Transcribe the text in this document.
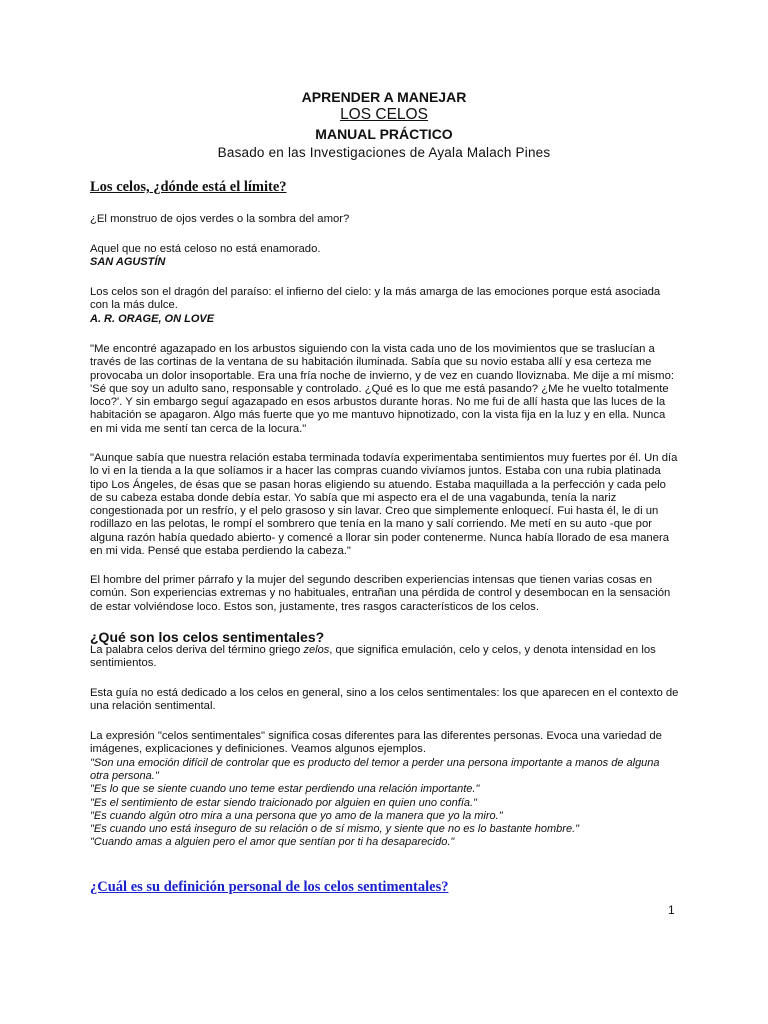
APRENDER A MANEJAR
LOS CELOS
MANUAL PRÁCTICO
Basado en las Investigaciones de Ayala Malach Pines

Los celos, ¿dónde está el límite?

¿El monstruo de ojos verdes o la sombra del amor?

Aquel que no está celoso no está enamorado.

SAN AGUSTÍN

Los celos son el dragón del paraíso: el infierno del cielo: y la más amarga de las emociones porque está asociada con la más dulce.

A. R. ORAGE, ON LOVE

"Me encontré agazapado en los arbustos siguiendo con la vista cada uno de los movimientos que se traslucían a través de las cortinas de la ventana de su habitación iluminada. Sabía que su novio estaba allí y esa certeza me provocaba un dolor insoportable. Era una fría noche de invierno, y de vez en cuando lloviznaba. Me dije a mí mismo: 'Sé que soy un adulto sano, responsable y controlado. ¿Qué es lo que me está pasando? ¿Me he vuelto totalmente loco?'. Y sin embargo seguí agazapado en esos arbustos durante horas. No me fui de allí hasta que las luces de la habitación se apagaron. Algo más fuerte que yo me mantuvo hipnotizado, con la vista fija en la luz y en ella. Nunca en mi vida me sentí tan cerca de la locura."

"Aunque sabía que nuestra relación estaba terminada todavía experimentaba sentimientos muy fuertes por él. Un día lo vi en la tienda a la que solíamos ir a hacer las compras cuando vivíamos juntos. Estaba con una rubia platinada tipo Los Ángeles, de ésas que se pasan horas eligiendo su atuendo. Estaba maquillada a la perfección y cada pelo de su cabeza estaba donde debía estar. Yo sabía que mi aspecto era el de una vagabunda, tenía la nariz congestionada por un resfrío, y el pelo grasoso y sin lavar. Creo que simplemente enloquecí. Fui hasta él, le di un rodillazo en las pelotas, le rompí el sombrero que tenía en la mano y salí corriendo. Me metí en su auto -que por alguna razón había quedado abierto- y comencé a llorar sin poder contenerme. Nunca había llorado de esa manera en mi vida. Pensé que estaba perdiendo la cabeza."

El hombre del primer párrafo y la mujer del segundo describen experiencias intensas que tienen varias cosas en común. Son experiencias extremas y no habituales, entrañan una pérdida de control y desembocan en la sensación de estar volviéndose loco. Estos son, justamente, tres rasgos característicos de los celos.

¿Qué son los celos sentimentales?

La palabra celos deriva del término griego zelos, que significa emulación, celo y celos, y denota intensidad en los sentimientos.

Esta guía no está dedicado a los celos en general, sino a los celos sentimentales: los que aparecen en el contexto de una relación sentimental.

La expresión "celos sentimentales" significa cosas diferentes para las diferentes personas. Evoca una variedad de imágenes, explicaciones y definiciones. Veamos algunos ejemplos.

"Son una emoción difícil de controlar que es producto del temor a perder una persona importante a manos de alguna otra persona."
"Es lo que se siente cuando uno teme estar perdiendo una relación importante."
"Es el sentimiento de estar siendo traicionado por alguien en quien uno confía."
"Es cuando algún otro mira a una persona que yo amo de la manera que yo la miro."
"Es cuando uno está inseguro de su relación o de sí mismo, y siente que no es lo bastante hombre."
"Cuando amas a alguien pero el amor que sentían por ti ha desaparecido."

¿Cuál es su definición personal de los celos sentimentales?

1
